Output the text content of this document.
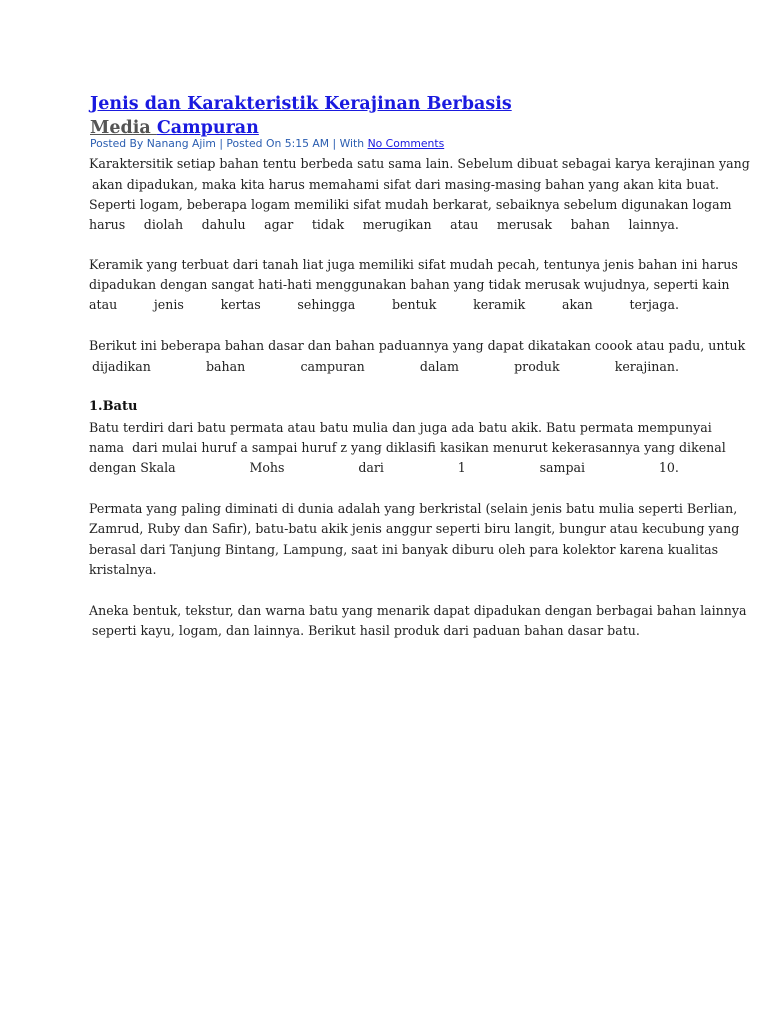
Jenis dan Karakteristik Kerajinan Berbasis
Media Campuran
Posted By Nanang Ajim | Posted On 5:15 AM | With No Comments
Karaktersitik setiap bahan tentu berbeda satu sama lain. Sebelum dibuat sebagai karya kerajinan yang
akan dipadukan, maka kita harus memahami sifat dari masing-masing bahan yang akan kita buat.
Seperti logam, beberapa logam memiliki sifat mudah berkarat, sebaiknya sebelum digunakan logam
harus diolah dahulu agar tidak merugikan atau merusak bahan lainnya.
Keramik yang terbuat dari tanah liat juga memiliki sifat mudah pecah, tentunya jenis bahan ini harus
dipadukan dengan sangat hati-hati menggunakan bahan yang tidak merusak wujudnya, seperti kain
atau	jenis	kertas	sehingga	bentuk	keramik	akan	terjaga.
Berikut ini beberapa bahan dasar dan bahan paduannya yang dapat dikatakan coook atau padu, untuk
dijadikan	bahan	campuran	dalam	produk	kerajinan.
1.Batu
Batu terdiri dari batu permata atau batu mulia dan juga ada batu akik. Batu permata mempunyai
nama  dari mulai huruf a sampai huruf z yang diklasifi kasikan menurut kekerasannya yang dikenal
dengan Skala	Mohs	dari	1	sampai	10.
Permata yang paling diminati di dunia adalah yang berkristal (selain jenis batu mulia seperti Berlian,
Zamrud, Ruby dan Safir), batu-batu akik jenis anggur seperti biru langit, bungur atau kecubung yang
berasal dari Tanjung Bintang, Lampung, saat ini banyak diburu oleh para kolektor karena kualitas
kristalnya.
Aneka bentuk, tekstur, dan warna batu yang menarik dapat dipadukan dengan berbagai bahan lainnya
seperti kayu, logam, dan lainnya. Berikut hasil produk dari paduan bahan dasar batu.
